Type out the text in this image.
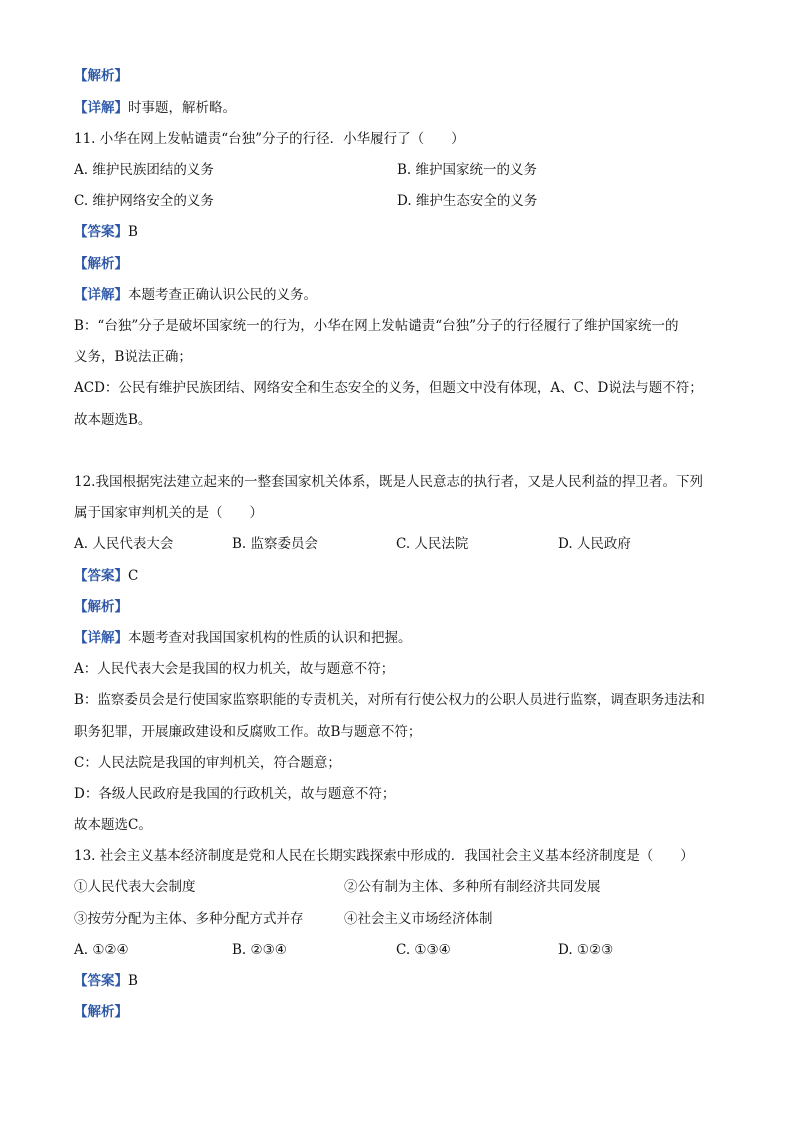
【解析】
【详解】时事题，解析略。
11. 小华在网上发帖谴责“台独”分子的行径．小华履行了（　　）
A. 维护民族团结的义务	B. 维护国家统一的义务
C. 维护网络安全的义务	D. 维护生态安全的义务
【答案】B
【解析】
【详解】本题考查正确认识公民的义务。
B：“台独”分子是破坏国家统一的行为，小华在网上发帖谴责“台独”分子的行径履行了维护国家统一的
义务，B说法正确；
ACD：公民有维护民族团结、网络安全和生态安全的义务，但题文中没有体现，A、C、D说法与题不符；
故本题选B。
12.我国根据宪法建立起来的一整套国家机关体系，既是人民意志的执行者，又是人民利益的捍卫者。下列
属于国家审判机关的是（　　）
A. 人民代表大会	B. 监察委员会	C. 人民法院	D. 人民政府
【答案】C
【解析】
【详解】本题考查对我国国家机构的性质的认识和把握。
A：人民代表大会是我国的权力机关，故与题意不符；
B：监察委员会是行使国家监察职能的专责机关，对所有行使公权力的公职人员进行监察，调查职务违法和
职务犯罪，开展廉政建设和反腐败工作。故B与题意不符；
C：人民法院是我国的审判机关，符合题意；
D：各级人民政府是我国的行政机关，故与题意不符；
故本题选C。
13. 社会主义基本经济制度是党和人民在长期实践探索中形成的．我国社会主义基本经济制度是（　　）
①人民代表大会制度	②公有制为主体、多种所有制经济共同发展
③按劳分配为主体、多种分配方式并存	④社会主义市场经济体制
A. ①②④	B. ②③④	C. ①③④	D. ①②③
【答案】B
【解析】
